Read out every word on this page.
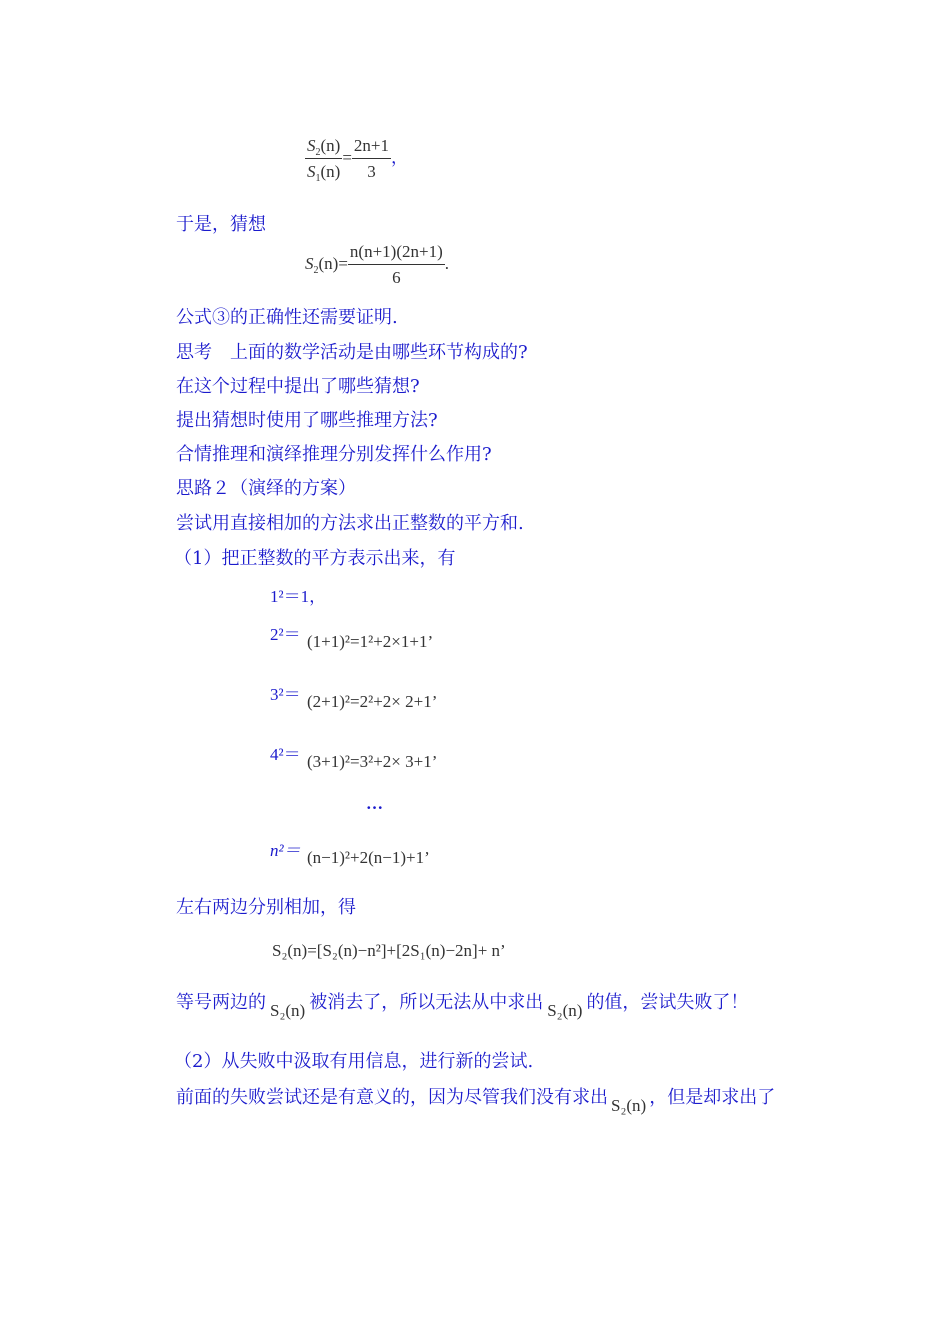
$\frac{S_2(n)}{S_1(n)} = \frac{2n+1}{3}$ ，
于是，猜想
$S_2(n)= \frac{n(n+1)(2n+1)}{6}$ .
公式③的正确性还需要证明.
思考　上面的数学活动是由哪些环节构成的?
在这个过程中提出了哪些猜想?
提出猜想时使用了哪些推理方法?
合情推理和演绎推理分别发挥什么作用?
思路２（演绎的方案）
尝试用直接相加的方法求出正整数的平方和.
（1）把正整数的平方表示出来，有
1²＝1，
2²＝ (1+1)²=1²+2×1+1’
3²＝ (2+1)²=2²+2× 2+1’
4²＝ (3+1)²=3²+2× 3+1’
…
n²＝ (n−1)²+2(n−1)+1’
左右两边分别相加，得
S₂(n)=[S₂(n)−n²]+[2S₁(n)−2n]+ n’
等号两边的 S₂(n) 被消去了，所以无法从中求出 S₂(n) 的值，尝试失败了！
（2）从失败中汲取有用信息，进行新的尝试.
前面的失败尝试还是有意义的，因为尽管我们没有求出 S₂(n) ，但是却求出了
